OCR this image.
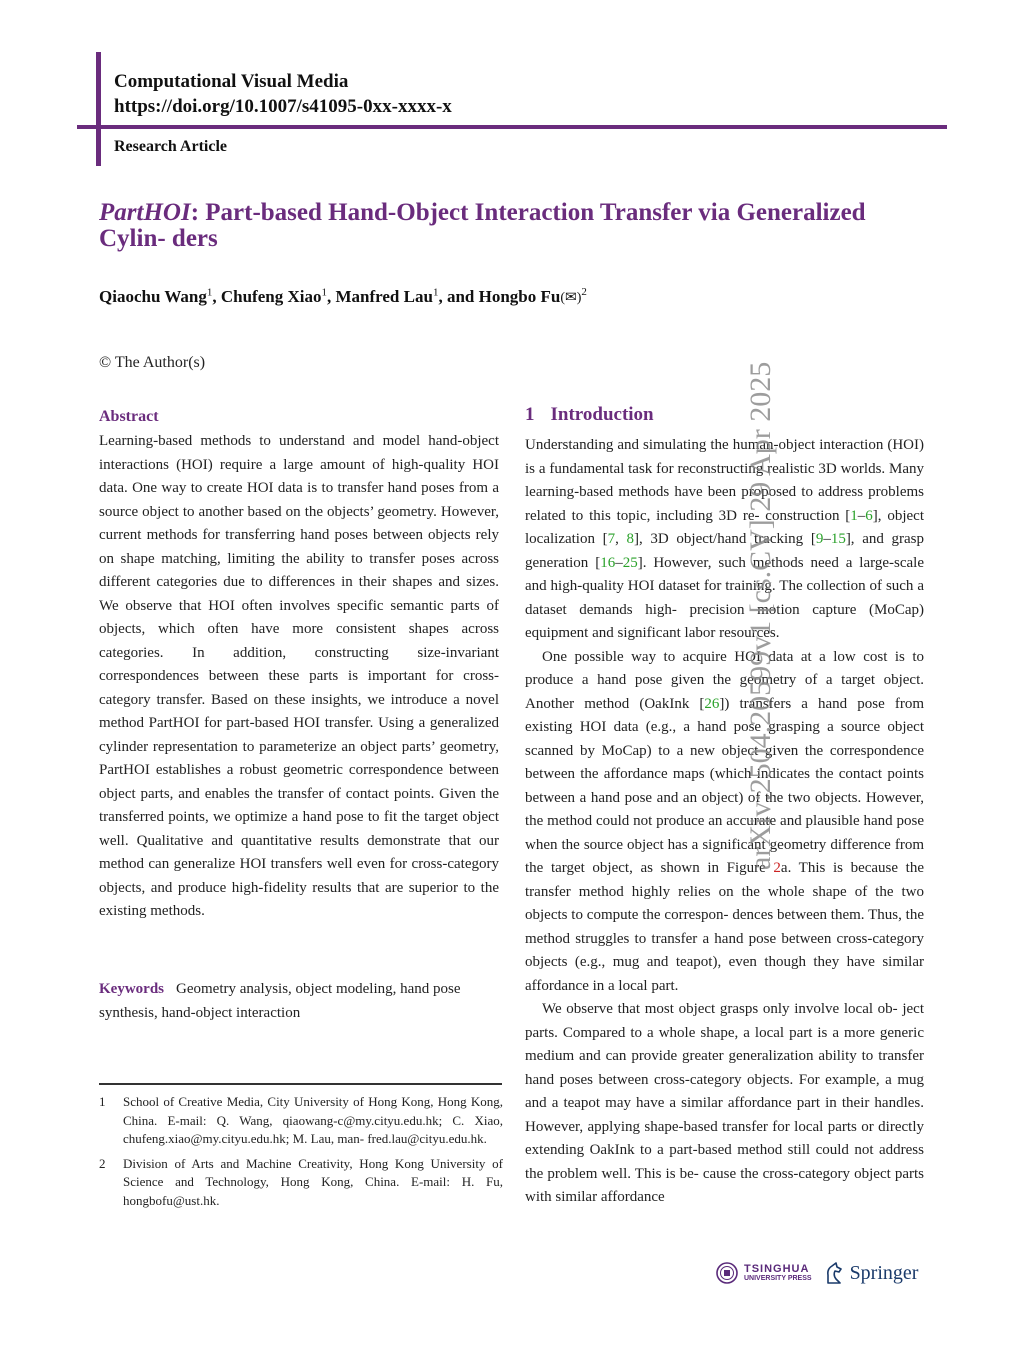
Computational Visual Media

https://doi.org/10.1007/s41095-0xx-xxxx-x

Research Article

PartHOI: Part-based Hand-Object Interaction Transfer via Generalized Cylin- ders

Qiaochu Wang$^1$, Chufeng Xiao$^1$, Manfred Lau$^1$, and Hongbo Fu(✉)$^2$

© The Author(s)

Abstract

Learning-based methods to understand and model hand-object interactions (HOI) require a large amount of high-quality HOI data. One way to create HOI data is to transfer hand poses from a source object to another based on the objects’ geometry. However, current methods for transferring hand poses between objects rely on shape matching, limiting the ability to transfer poses across different categories due to differences in their shapes and sizes. We observe that HOI often involves specific semantic parts of objects, which often have more consistent shapes across categories. In addition, constructing size-invariant correspondences between these parts is important for cross-category transfer. Based on these insights, we introduce a novel method PartHOI for part-based HOI transfer. Using a generalized cylinder representation to parameterize an object parts’ geometry, PartHOI establishes a robust geometric correspondence between object parts, and enables the transfer of contact points. Given the transferred points, we optimize a hand pose to fit the target object well. Qualitative and quantitative results demonstrate that our method can generalize HOI transfers well even for cross-category objects, and produce high-fidelity results that are superior to the existing methods.

Keywords Geometry analysis, object modeling, hand pose synthesis, hand-object interaction

1	School of Creative Media, City University of Hong Kong, Hong Kong, China. E-mail: Q. Wang, qiaowang-c@my.cityu.edu.hk; C. Xiao, chufeng.xiao@my.cityu.edu.hk; M. Lau, man- fred.lau@cityu.edu.hk.
2	Division of Arts and Machine Creativity, Hong Kong University of Science and Technology, Hong Kong, China. E-mail: H. Fu, hongbofu@ust.hk.
1 Introduction

Understanding and simulating the human-object interaction (HOI) is a fundamental task for reconstructing realistic 3D worlds. Many learning-based methods have been proposed to address problems related to this topic, including 3D re- construction [1–6], object localization [7, 8], 3D object/hand tracking [9–15], and grasp generation [16–25]. However, such methods need a large-scale and high-quality HOI dataset for training. The collection of such a dataset demands high- precision motion capture (MoCap) equipment and significant labor resources.

One possible way to acquire HOI data at a low cost is to produce a hand pose given the geometry of a target object. Another method (OakInk [26]) transfers a hand pose from existing HOI data (e.g., a hand pose grasping a source object scanned by MoCap) to a new object given the correspondence between the affordance maps (which indicates the contact points between a hand pose and an object) of the two objects. However, the method could not produce an accurate and plausible hand pose when the source object has a significant geometry difference from the target object, as shown in Figure 2a. This is because the transfer method highly relies on the whole shape of the two objects to compute the correspon- dences between them. Thus, the method struggles to transfer a hand pose between cross-category objects (e.g., mug and teapot), even though they have similar affordance in a local part.

We observe that most object grasps only involve local ob- ject parts. Compared to a whole shape, a local part is a more generic medium and can provide greater generalization ability to transfer hand poses between cross-category objects. For example, a mug and a teapot may have a similar affordance part in their handles. However, applying shape-based transfer for local parts or directly extending OakInk to a part-based method still could not address the problem well. This is be- cause the cross-category object parts with similar affordance

arXiv:2504.20599v1 [cs.CV] 29 Apr 2025

TSINGHUA
UNIVERSITY PRESS Springer
